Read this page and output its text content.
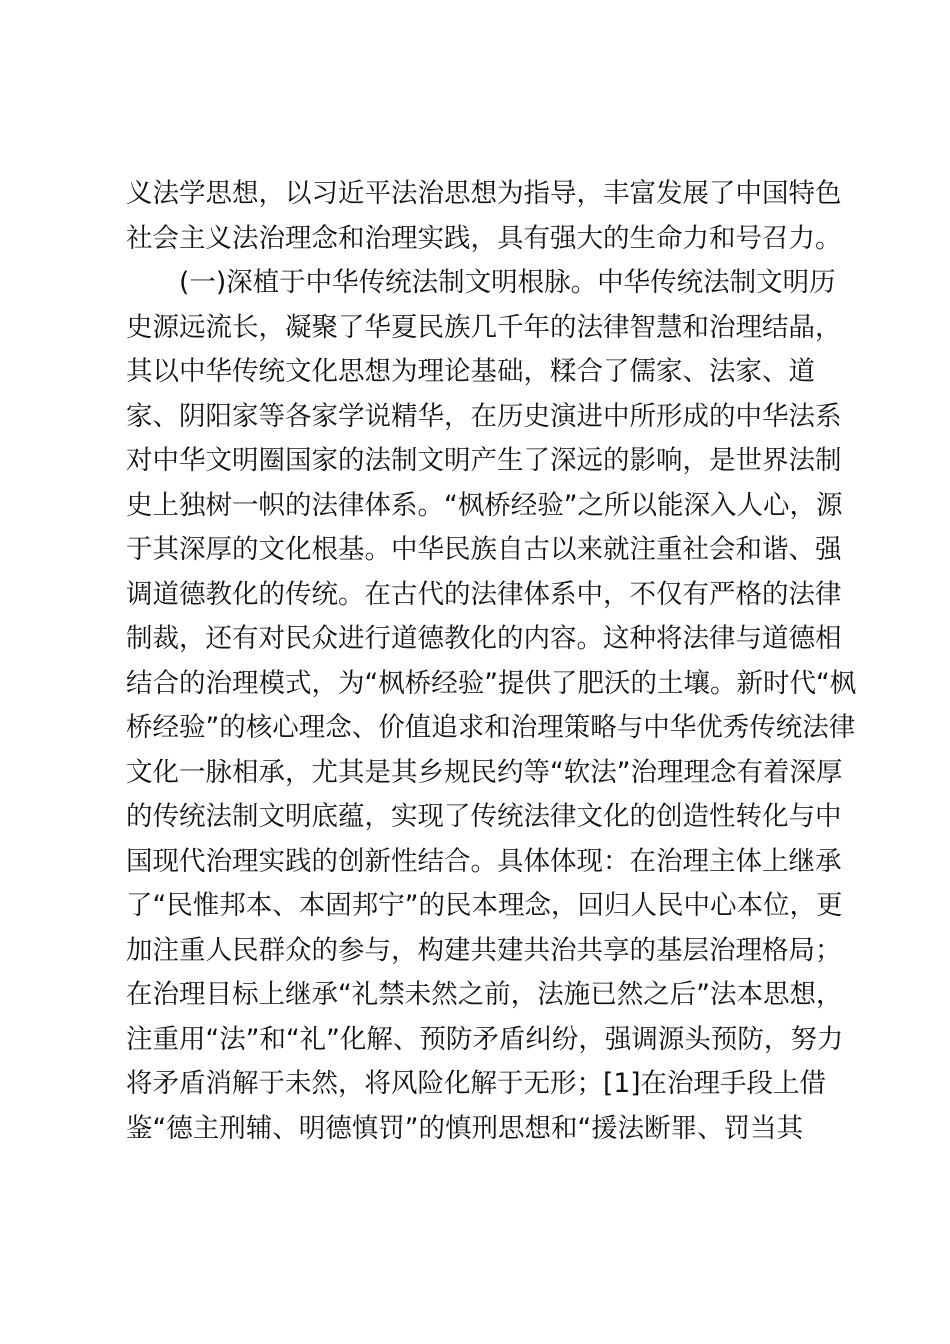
义法学思想，以习近平法治思想为指导，丰富发展了中国特色
社会主义法治理念和治理实践，具有强大的生命力和号召力。
　　(一)深植于中华传统法制文明根脉。中华传统法制文明历
史源远流长，凝聚了华夏民族几千年的法律智慧和治理结晶，
其以中华传统文化思想为理论基础，糅合了儒家、法家、道
家、阴阳家等各家学说精华，在历史演进中所形成的中华法系
对中华文明圈国家的法制文明产生了深远的影响，是世界法制
史上独树一帜的法律体系。“枫桥经验”之所以能深入人心，源
于其深厚的文化根基。中华民族自古以来就注重社会和谐、强
调道德教化的传统。在古代的法律体系中，不仅有严格的法律
制裁，还有对民众进行道德教化的内容。这种将法律与道德相
结合的治理模式，为“枫桥经验”提供了肥沃的土壤。新时代“枫
桥经验”的核心理念、价值追求和治理策略与中华优秀传统法律
文化一脉相承，尤其是其乡规民约等“软法”治理理念有着深厚
的传统法制文明底蕴，实现了传统法律文化的创造性转化与中
国现代治理实践的创新性结合。具体体现：在治理主体上继承
了“民惟邦本、本固邦宁”的民本理念，回归人民中心本位，更
加注重人民群众的参与，构建共建共治共享的基层治理格局；
在治理目标上继承“礼禁未然之前，法施已然之后”法本思想，
注重用“法”和“礼”化解、预防矛盾纠纷，强调源头预防，努力
将矛盾消解于未然，将风险化解于无形；[1]在治理手段上借
鉴“德主刑辅、明德慎罚”的慎刑思想和“援法断罪、罚当其
